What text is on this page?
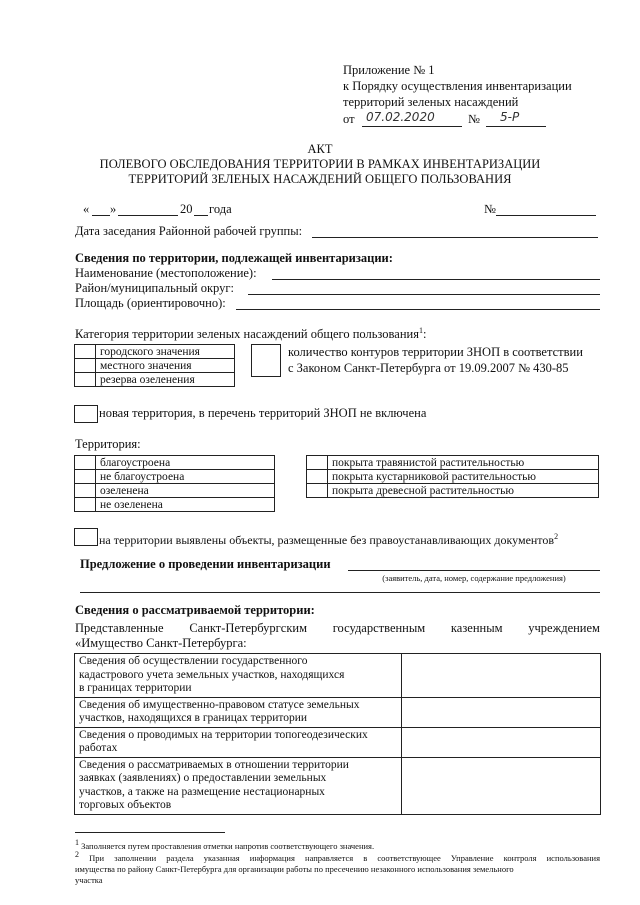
Приложение № 1
к Порядку осуществления инвентаризации
территорий зеленых насаждений
от 07.02.2020	№ 5-Р
АКТ
ПОЛЕВОГО ОБСЛЕДОВАНИЯ ТЕРРИТОРИИ В РАМКАХ ИНВЕНТАРИЗАЦИИ
ТЕРРИТОРИЙ ЗЕЛЕНЫХ НАСАЖДЕНИЙ ОБЩЕГО ПОЛЬЗОВАНИЯ
« »	20 года	№
Дата заседания Районной рабочей группы:
Сведения по территории, подлежащей инвентаризации:
Наименование (местоположение):
Район/муниципальный округ:
Площадь (ориентировочно):
Категория территории зеленых насаждений общего пользования$^1$:
	городского значения
	местного значения
	резерва озеленения
количество контуров территории ЗНОП в соответствии
с Законом Санкт-Петербурга от 19.09.2007 № 430-85
новая территория, в перечень территорий ЗНОП не включена
Территория:
	благоустроена
	не благоустроена
	озеленена
	не озеленена
	покрыта травянистой растительностью
	покрыта кустарниковой растительностью
	покрыта древесной растительностью
на территории выявлены объекты, размещенные без правоустанавливающих документов$^2$
Предложение о проведении инвентаризации
(заявитель, дата, номер, содержание предложения)
Сведения о рассматриваемой территории:
Представленные Санкт-Петербургским государственным казенным учреждением
«Имущество Санкт-Петербурга:
Сведения об осуществлении государственного
кадастрового учета земельных участков, находящихся
в границах территории	

Сведения об имущественно-правовом статусе земельных
участков, находящихся в границах территории	

Сведения о проводимых на территории топогеодезических
работах	

Сведения о рассматриваемых в отношении территории
заявках (заявлениях) о предоставлении земельных
участков, а также на размещение нестационарных
торговых объектов	

$^1$ Заполняется путем проставления отметки напротив соответствующего значения.
$^2$ При заполнении раздела указанная информация направляется в соответствующее Управление контроля использования
имущества по району Санкт-Петербурга для организации работы по пресечению незаконного использования земельного
участка
